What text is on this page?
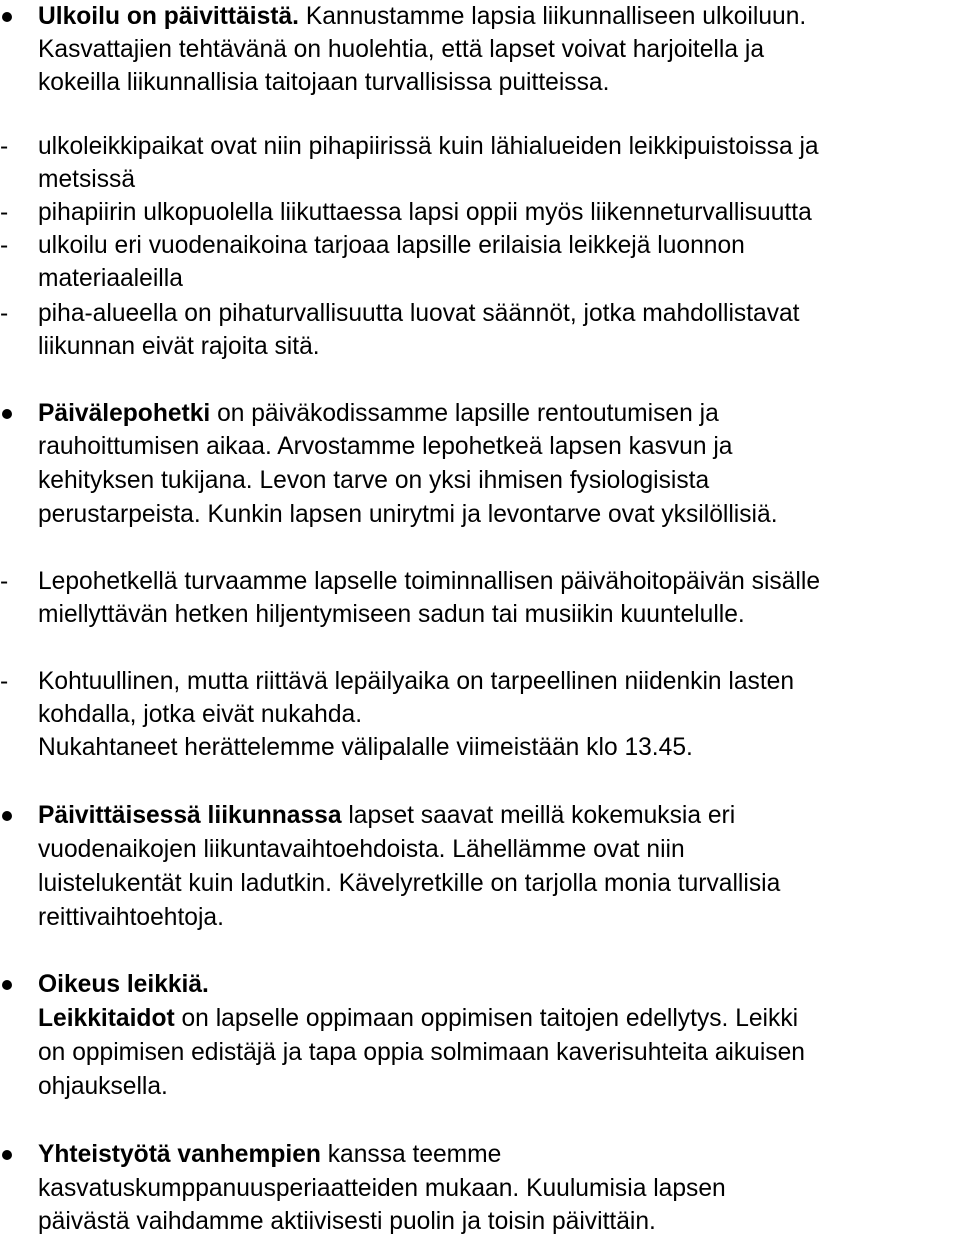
Ulkoilu on päivittäistä. Kannustamme lapsia liikunnalliseen ulkoiluun.

Kasvattajien tehtävänä on huolehtia, että lapset voivat harjoitella ja

kokeilla liikunnallisia taitojaan turvallisissa puitteissa.

- ulkoleikkipaikat ovat niin pihapiirissä kuin lähialueiden leikkipuistoissa ja

metsissä

- pihapiirin ulkopuolella liikuttaessa lapsi oppii myös liikenneturvallisuutta

- ulkoilu eri vuodenaikoina tarjoaa lapsille erilaisia leikkejä luonnon

materiaaleilla

- piha-alueella on pihaturvallisuutta luovat säännöt, jotka mahdollistavat

liikunnan eivät rajoita sitä.

Päivälepohetki on päiväkodissamme lapsille rentoutumisen ja

rauhoittumisen aikaa. Arvostamme lepohetkeä lapsen kasvun ja

kehityksen tukijana. Levon tarve on yksi ihmisen fysiologisista

perustarpeista. Kunkin lapsen unirytmi ja levontarve ovat yksilöllisiä.

- Lepohetkellä turvaamme lapselle toiminnallisen päivähoitopäivän sisälle

miellyttävän hetken hiljentymiseen sadun tai musiikin kuuntelulle.

- Kohtuullinen, mutta riittävä lepäilyaika on tarpeellinen niidenkin lasten

kohdalla, jotka eivät nukahda.

Nukahtaneet herättelemme välipalalle viimeistään klo 13.45.

Päivittäisessä liikunnassa lapset saavat meillä kokemuksia eri

vuodenaikojen liikuntavaihtoehdoista. Lähellämme ovat niin

luistelukentät kuin ladutkin. Kävelyretkille on tarjolla monia turvallisia

reittivaihtoehtoja.

Oikeus leikkiä.

Leikkitaidot on lapselle oppimaan oppimisen taitojen edellytys. Leikki

on oppimisen edistäjä ja tapa oppia solmimaan kaverisuhteita aikuisen

ohjauksella.

Yhteistyötä vanhempien kanssa teemme

kasvatuskumppanuusperiaatteiden mukaan. Kuulumisia lapsen

päivästä vaihdamme aktiivisesti puolin ja toisin päivittäin.
